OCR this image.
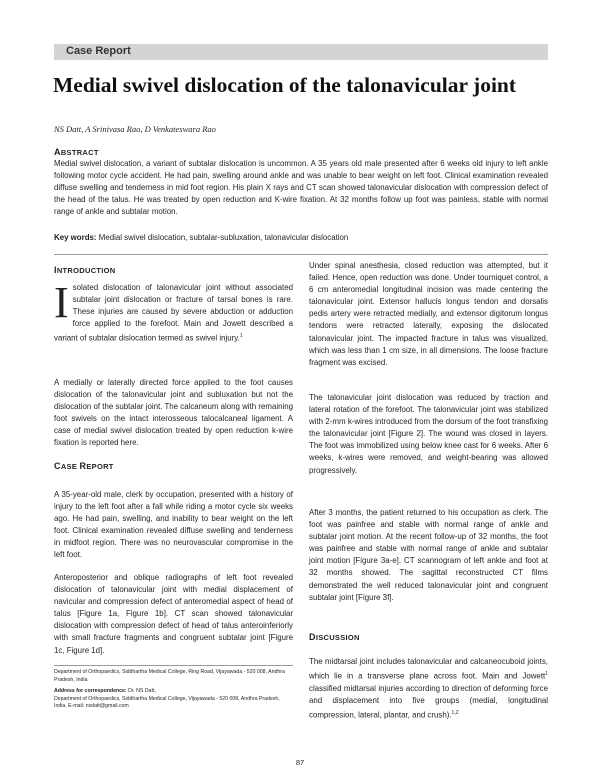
Case Report
Medial swivel dislocation of the talonavicular joint
NS Datt, A Srinivasa Rao, D Venkateswara Rao
ABSTRACT
Medial swivel dislocation, a variant of subtalar dislocation is uncommon. A 35 years old male presented after 6 weeks old injury to left ankle following motor cycle accident. He had pain, swelling around ankle and was unable to bear weight on left foot. Clinical examination revealed diffuse swelling and tenderness in mid foot region. His plain X rays and CT scan showed talonavicular dislocation with compression defect of the head of the talus. He was treated by open reduction and K-wire fixation. At 32 months follow up foot was painless, stable with normal range of ankle and subtalar motion.
Key words: Medial swivel dislocation, subtalar-subluxation, talonavicular dislocation
INTRODUCTION
Isolated dislocation of talonavicular joint without associated subtalar joint dislocation or fracture of tarsal bones is rare. These injuries are caused by severe abduction or adduction force applied to the forefoot. Main and Jowett described a variant of subtalar dislocation termed as swivel injury.$^1$

A medially or laterally directed force applied to the foot causes dislocation of the talonavicular joint and subluxation but not the dislocation of the subtalar joint. The calcaneum along with remaining foot swivels on the intact interosseous talocalcaneal ligament. A case of medial swivel dislocation treated by open reduction k-wire fixation is reported here.

CASE REPORT

A 35-year-old male, clerk by occupation, presented with a history of injury to the left foot after a fall while riding a motor cycle six weeks ago. He had pain, swelling, and inability to bear weight on the left foot. Clinical examination revealed diffuse swelling and tenderness in midfoot region. There was no neurovascular compromise in the left foot.

Anteroposterior and oblique radiographs of left foot revealed dislocation of talonavicular joint with medial displacement of navicular and compression defect of anteromedial aspect of head of talus [Figure 1a, Figure 1b]. CT scan showed talonavicular dislocation with compression defect of head of talus anteroinferiorly with small fracture fragments and congruent subtalar joint [Figure 1c, Figure 1d].

Department of Orthopaedics, Siddhartha Medical College, Ring Road, Vijayawada - 520 008, Andhra Pradesh, India

Address for correspondence: Dr. NS Datt,

Department of Orthopaedics, Siddhartha Medical College, Vijayawada - 520 008, Andhra Pradesh, India. E-mail: nsdatt@gmail.com

Under spinal anesthesia, closed reduction was attempted, but it failed. Hence, open reduction was done. Under tourniquet control, a 6 cm anteromedial longitudinal incision was made centering the talonavicular joint. Extensor hallucis longus tendon and dorsalis pedis artery were retracted medially, and extensor digitorum longus tendons were retracted laterally, exposing the dislocated talonavicular joint. The impacted fracture in talus was visualized, which was less than 1 cm size, in all dimensions. The loose fracture fragment was excised.

The talonavicular joint dislocation was reduced by traction and lateral rotation of the forefoot. The talonavicular joint was stabilized with 2-mm k-wires introduced from the dorsum of the foot transfixing the talonavicular joint [Figure 2]. The wound was closed in layers. The foot was immobilized using below knee cast for 6 weeks. After 6 weeks, k-wires were removed, and weight-bearing was allowed progressively.

After 3 months, the patient returned to his occupation as clerk. The foot was painfree and stable with normal range of ankle and subtalar joint motion. At the recent follow-up of 32 months, the foot was painfree and stable with normal range of ankle and subtalar joint motion [Figure 3a-e]. CT scannogram of left ankle and foot at 32 months showed. The sagittal reconstructed CT films demonstrated the well reduced talonavicular joint and congruent subtalar joint [Figure 3f].

DISCUSSION

The midtarsal joint includes talonavicular and calcaneocuboid joints, which lie in a transverse plane across foot. Main and Jowett$^1$ classified midtarsal injuries according to direction of deforming force and displacement into five groups (medial, longitudinal compression, lateral, plantar, and crush).$^{1,2}$

87
